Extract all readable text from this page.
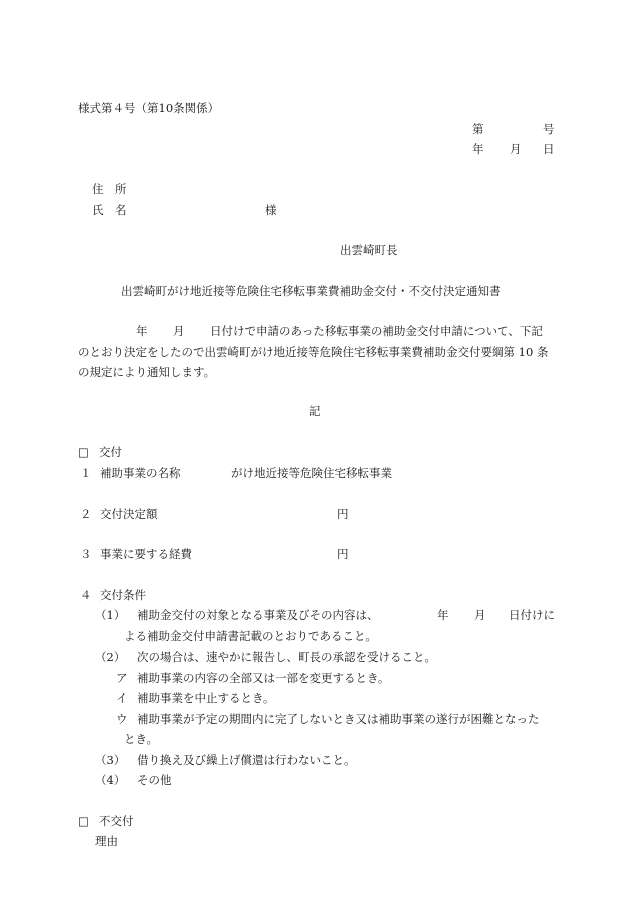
様式第４号（第10条関係）
第	号
年 月 日
住　所
氏　名	様
出雲崎町長
出雲崎町がけ地近接等危険住宅移転事業費補助金交付・不交付決定通知書
年 月 日付けで申請のあった移転事業の補助金交付申請について、下記
のとおり決定をしたので出雲崎町がけ地近接等危険住宅移転事業費補助金交付要綱第 10 条
の規定により通知します。
記
□ 交付
１ 補助事業の名称	がけ地近接等危険住宅移転事業
２ 交付決定額	円
３ 事業に要する経費	円
４ 交付条件
（1） 補助金交付の対象となる事業及びその内容は、	年 月 日付けに
よる補助金交付申請書記載のとおりであること。
（2） 次の場合は、速やかに報告し、町長の承認を受けること。
ア 補助事業の内容の全部又は一部を変更するとき。
イ 補助事業を中止するとき。
ウ 補助事業が予定の期間内に完了しないとき又は補助事業の遂行が困難となった
とき。
（3） 借り換え及び繰上げ償還は行わないこと。
（4） その他
□ 不交付
理由
